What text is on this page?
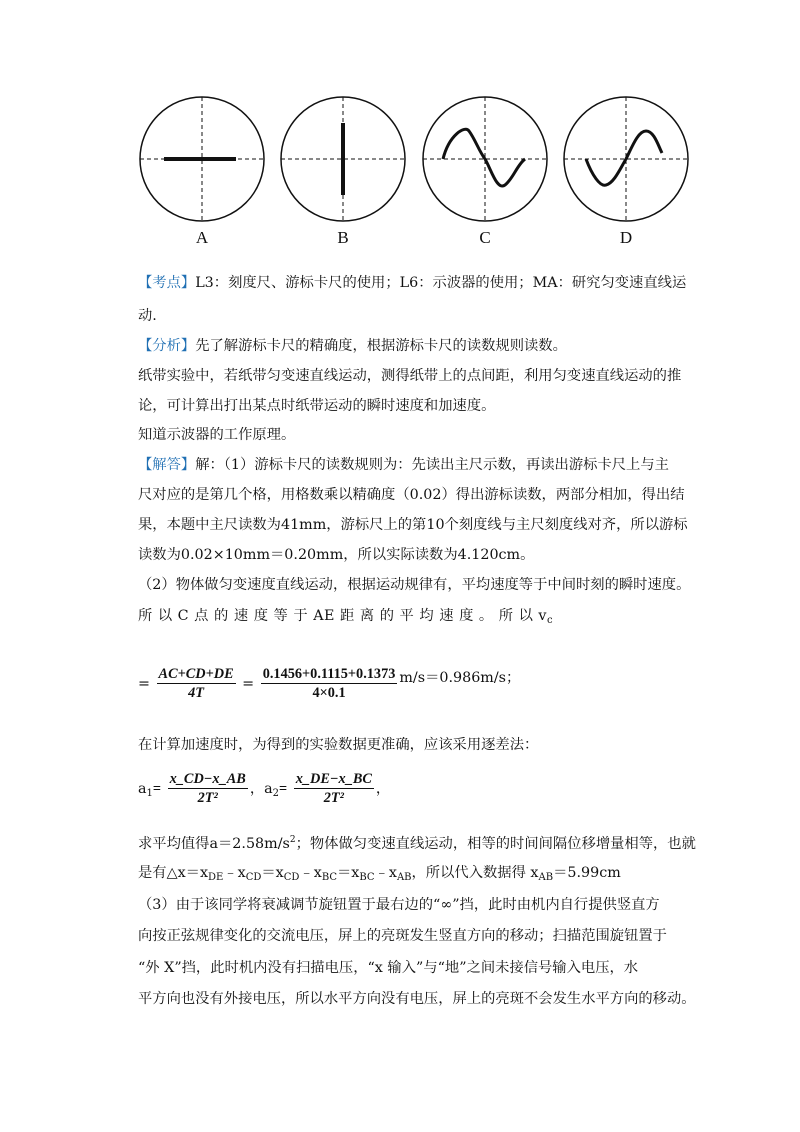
A	B	C	D
【考点】L3：刻度尺、游标卡尺的使用；L6：示波器的使用；MA：研究匀变速直线运
动.
【分析】先了解游标卡尺的精确度，根据游标卡尺的读数规则读数。
纸带实验中，若纸带匀变速直线运动，测得纸带上的点间距，利用匀变速直线运动的推
论，可计算出打出某点时纸带运动的瞬时速度和加速度。
知道示波器的工作原理。
【解答】解：（1）游标卡尺的读数规则为：先读出主尺示数，再读出游标卡尺上与主
尺对应的是第几个格，用格数乘以精确度（0.02）得出游标读数，两部分相加，得出结
果，本题中主尺读数为41mm，游标尺上的第10个刻度线与主尺刻度线对齐，所以游标
读数为0.02×10mm＝0.20mm，所以实际读数为4.120cm。
（2）物体做匀变速度直线运动，根据运动规律有，平均速度等于中间时刻的瞬时速度。
所 以 C 点 的 速 度 等 于 AE 距 离 的 平 均 速 度 。 所 以 $v_c$
= $\frac{AC+CD+DE}{4T} = \frac{0.1456+0.1115+0.1373}{4\times 0.1} m/s=0.986m/s$；
在计算加速度时，为得到的实验数据更准确，应该采用逐差法：
$a_1= \frac{x\_CD-x\_AB}{\text{2T²}}$ ，$a_2= \frac{x\_DE-x\_BC}{\text{2T²}}$ ，
求平均值得$a=2.58m/s^2$；物体做匀变速直线运动，相等的时间间隔位移增量相等，也就
是有$\triangle x=x_{DE}﹣x_{CD}=x_{CD}﹣x_{BC}=x_{BC}﹣x_{AB}$，所以代入数据得 $x_{AB}=5.99cm$
（3）由于该同学将衰减调节旋钮置于最右边的“∞”挡，此时由机内自行提供竖直方
向按正弦规律变化的交流电压，屏上的亮斑发生竖直方向的移动；扫描范围旋钮置于
“外 X”挡，此时机内没有扫描电压，“x 输入”与“地”之间未接信号输入电压，水
平方向也没有外接电压，所以水平方向没有电压，屏上的亮斑不会发生水平方向的移动。
